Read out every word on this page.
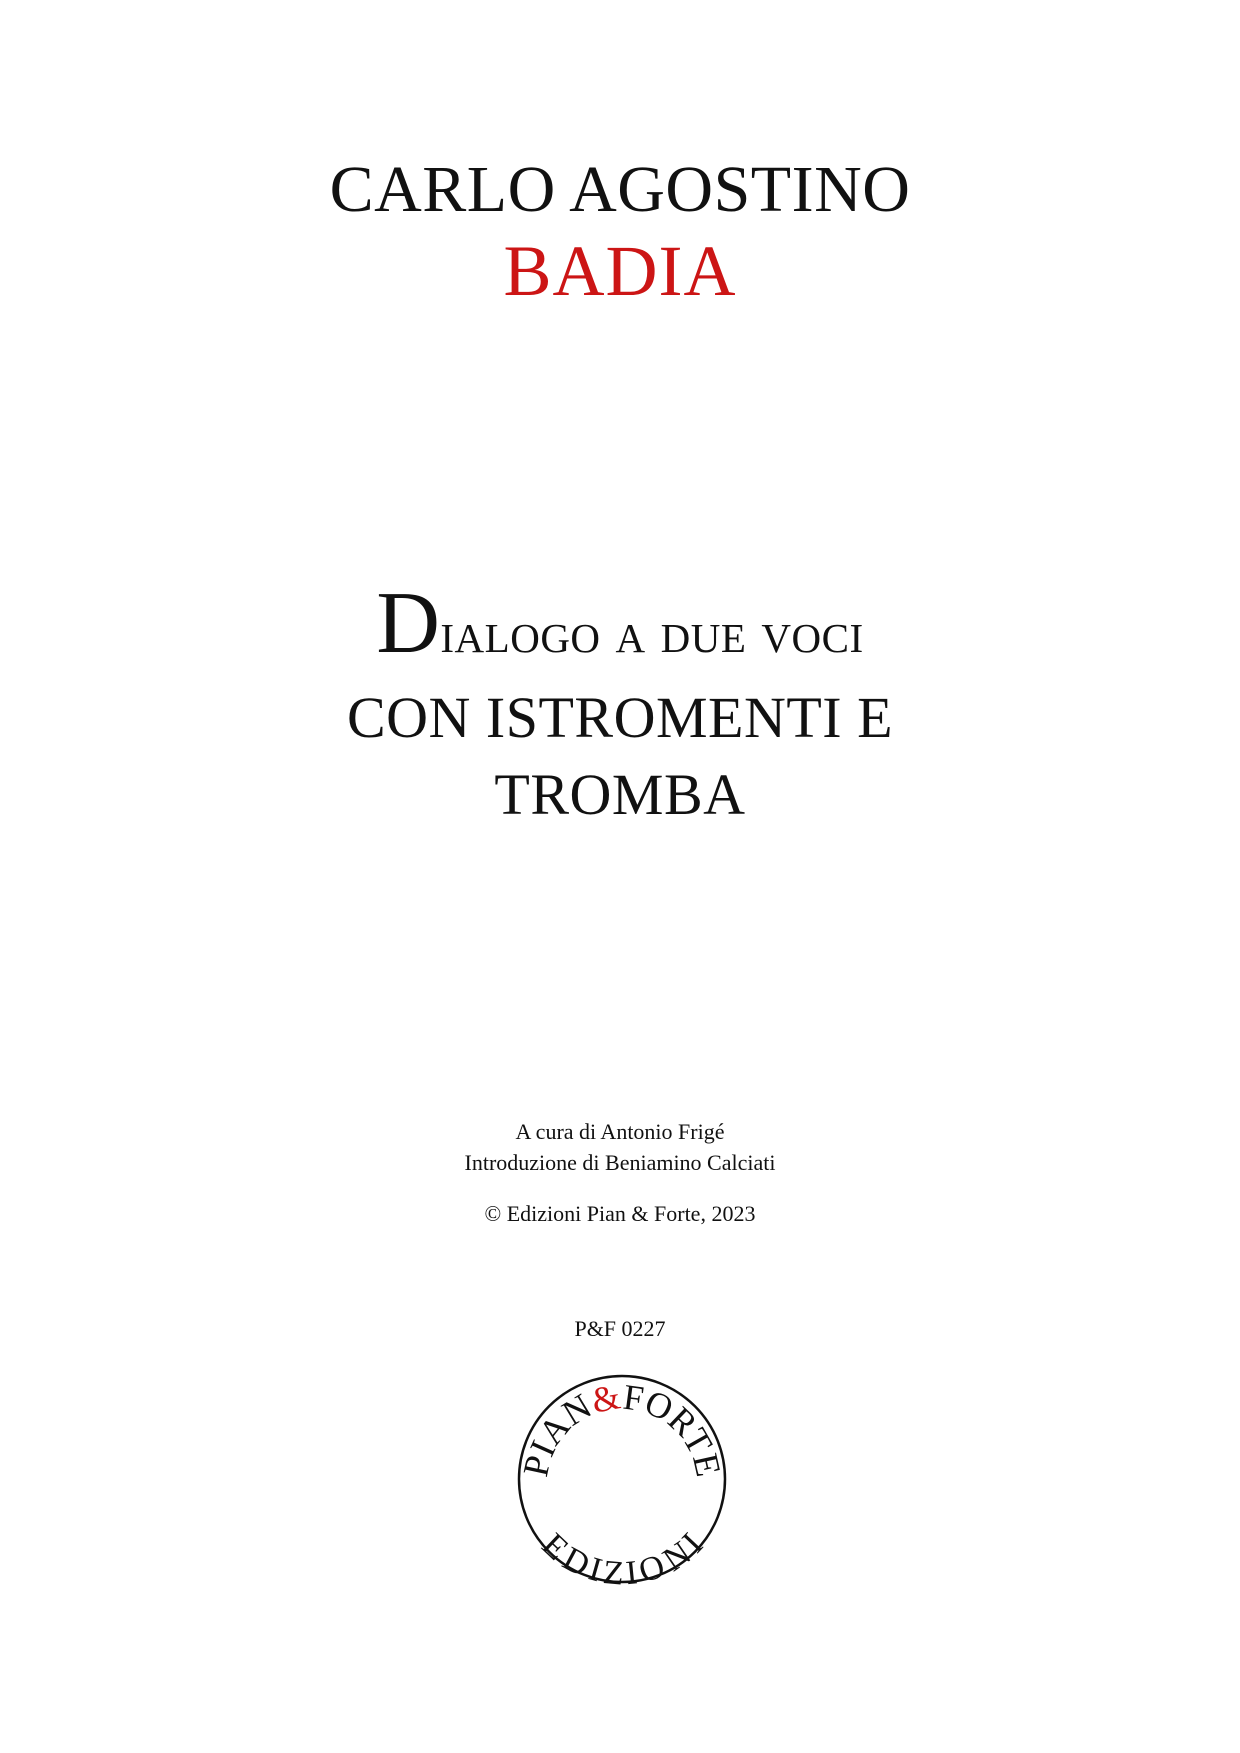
CARLO AGOSTINO
BADIA
Dialogo a due voci
CON ISTROMENTI E
TROMBA
A cura di Antonio Frigé
Introduzione di Beniamino Calciati
© Edizioni Pian & Forte, 2023
P&F 0227
PIAN&FORTE
EDIZIONI
